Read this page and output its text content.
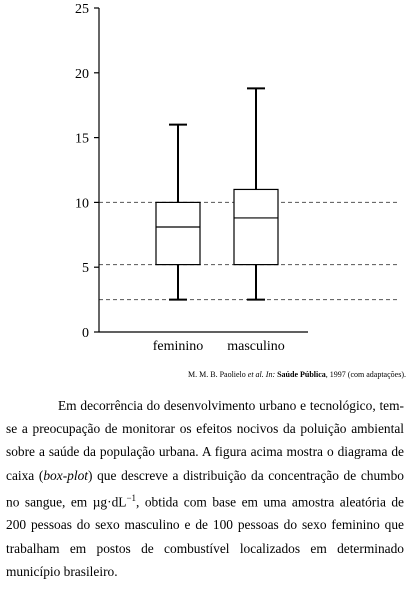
0
5
10
15
20
25
feminino masculino
M. M. B. Paolielo et al. In: Saúde Pública, 1997 (com adaptações).

Em decorrência do desenvolvimento urbano e tecnológico, tem-se a preocupação de monitorar os efeitos nocivos da poluição ambiental sobre a saúde da população urbana. A figura acima mostra o diagrama de caixa (box-plot) que descreve a distribuição da concentração de chumbo no sangue, em $\mu g\cdot dL^{-1}$, obtida com base em uma amostra aleatória de 200 pessoas do sexo masculino e de 100 pessoas do sexo feminino que trabalham em postos de combustível localizados em determinado município brasileiro.
